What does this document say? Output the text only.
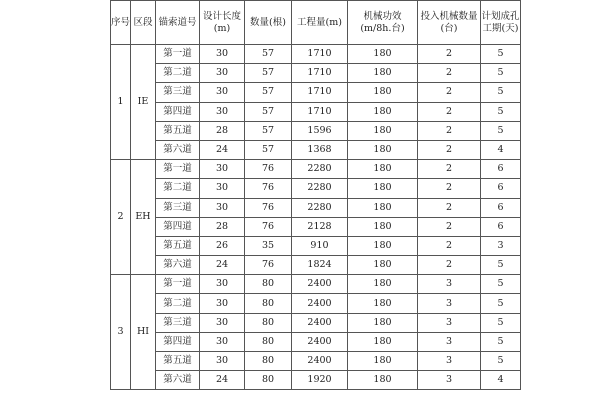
序号	区段	锚索道号	设计长度(m)	数量(根)	工程量(m)	机械功效(m/8h.台)	投入机械数量(台)	计划成孔工期(天)
1	IE	第一道	30	57	1710	180	2	5
		第二道	30	57	1710	180	2	5
		第三道	30	57	1710	180	2	5
		第四道	30	57	1710	180	2	5
		第五道	28	57	1596	180	2	5
		第六道	24	57	1368	180	2	4
2	EH	第一道	30	76	2280	180	2	6
		第二道	30	76	2280	180	2	6
		第三道	30	76	2280	180	2	6
		第四道	28	76	2128	180	2	6
		第五道	26	35	910	180	2	3
		第六道	24	76	1824	180	2	5
3	HI	第一道	30	80	2400	180	3	5
		第二道	30	80	2400	180	3	5
		第三道	30	80	2400	180	3	5
		第四道	30	80	2400	180	3	5
		第五道	30	80	2400	180	3	5
		第六道	24	80	1920	180	3	4
